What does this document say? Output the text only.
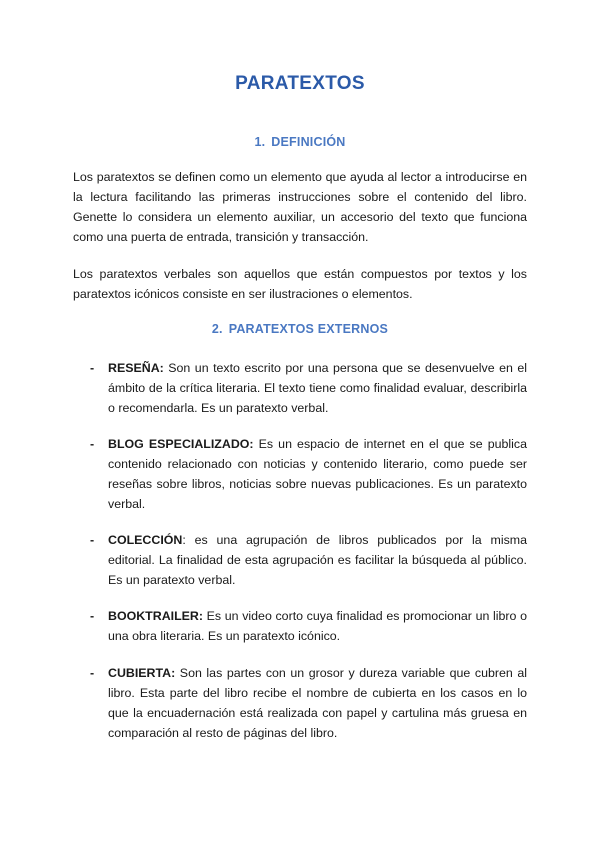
PARATEXTOS
1. DEFINICIÓN

Los paratextos se definen como un elemento que ayuda al lector a introducirse en la lectura facilitando las primeras instrucciones sobre el contenido del libro. Genette lo considera un elemento auxiliar, un accesorio del texto que funciona como una puerta de entrada, transición y transacción.

Los paratextos verbales son aquellos que están compuestos por textos y los paratextos icónicos consiste en ser ilustraciones o elementos.

2. PARATEXTOS EXTERNOS
- RESEÑA: Son un texto escrito por una persona que se desenvuelve en el ámbito de la crítica literaria. El texto tiene como finalidad evaluar, describirla o recomendarla. Es un paratexto verbal.
- BLOG ESPECIALIZADO: Es un espacio de internet en el que se publica contenido relacionado con noticias y contenido literario, como puede ser reseñas sobre libros, noticias sobre nuevas publicaciones. Es un paratexto verbal.
- COLECCIÓN: es una agrupación de libros publicados por la misma editorial. La finalidad de esta agrupación es facilitar la búsqueda al público. Es un paratexto verbal.
- BOOKTRAILER: Es un video corto cuya finalidad es promocionar un libro o una obra literaria. Es un paratexto icónico.
- CUBIERTA: Son las partes con un grosor y dureza variable que cubren al libro. Esta parte del libro recibe el nombre de cubierta en los casos en lo que la encuadernación está realizada con papel y cartulina más gruesa en comparación al resto de páginas del libro.
